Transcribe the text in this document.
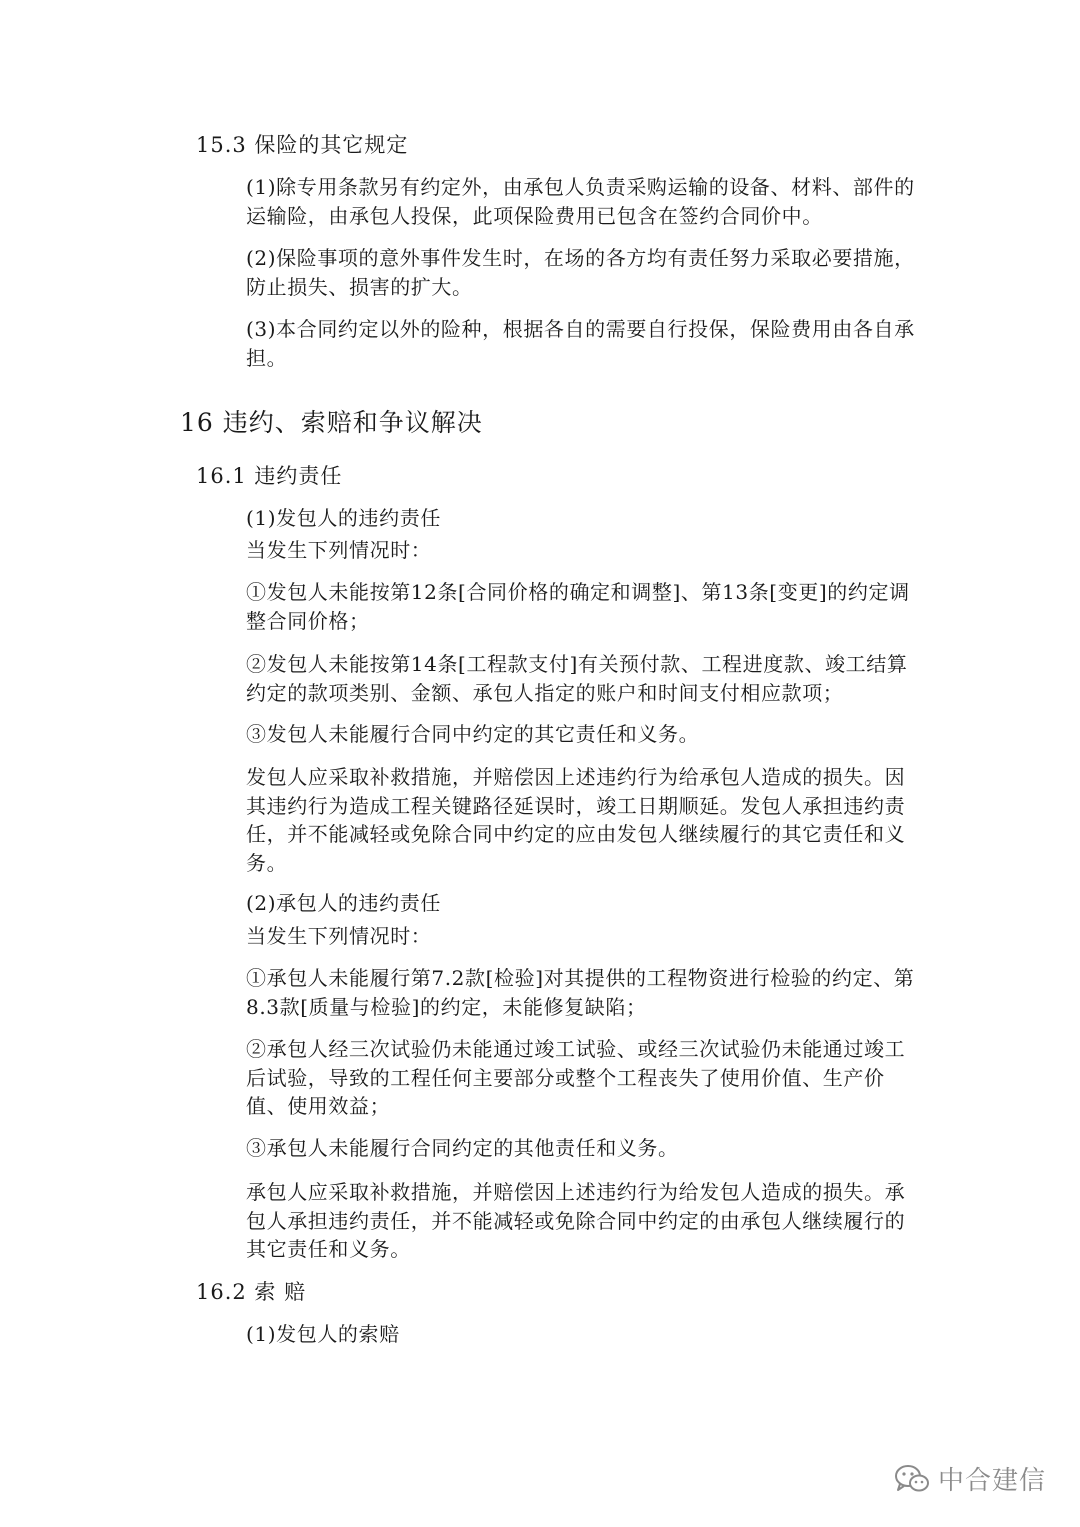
15.3 保险的其它规定

(1)除专用条款另有约定外，由承包人负责采购运输的设备、材料、部件的运输险，由承包人投保，此项保险费用已包含在签约合同价中。

(2)保险事项的意外事件发生时，在场的各方均有责任努力采取必要措施，防止损失、损害的扩大。

(3)本合同约定以外的险种，根据各自的需要自行投保，保险费用由各自承担。

16 违约、索赔和争议解决
16.1 违约责任
(1)发包人的违约责任
当发生下列情况时：

①发包人未能按第12条[合同价格的确定和调整]、第13条[变更]的约定调整合同价格；

②发包人未能按第14条[工程款支付]有关预付款、工程进度款、竣工结算约定的款项类别、金额、承包人指定的账户和时间支付相应款项；

③发包人未能履行合同中约定的其它责任和义务。

发包人应采取补救措施，并赔偿因上述违约行为给承包人造成的损失。因其违约行为造成工程关键路径延误时，竣工日期顺延。发包人承担违约责任，并不能减轻或免除合同中约定的应由发包人继续履行的其它责任和义务。

(2)承包人的违约责任
当发生下列情况时：

①承包人未能履行第7.2款[检验]对其提供的工程物资进行检验的约定、第8.3款[质量与检验]的约定，未能修复缺陷；

②承包人经三次试验仍未能通过竣工试验、或经三次试验仍未能通过竣工后试验，导致的工程任何主要部分或整个工程丧失了使用价值、生产价值、使用效益；

③承包人未能履行合同约定的其他责任和义务。

承包人应采取补救措施，并赔偿因上述违约行为给发包人造成的损失。承包人承担违约责任，并不能减轻或免除合同中约定的由承包人继续履行的其它责任和义务。

16.2 索 赔
(1)发包人的索赔
中合建信
